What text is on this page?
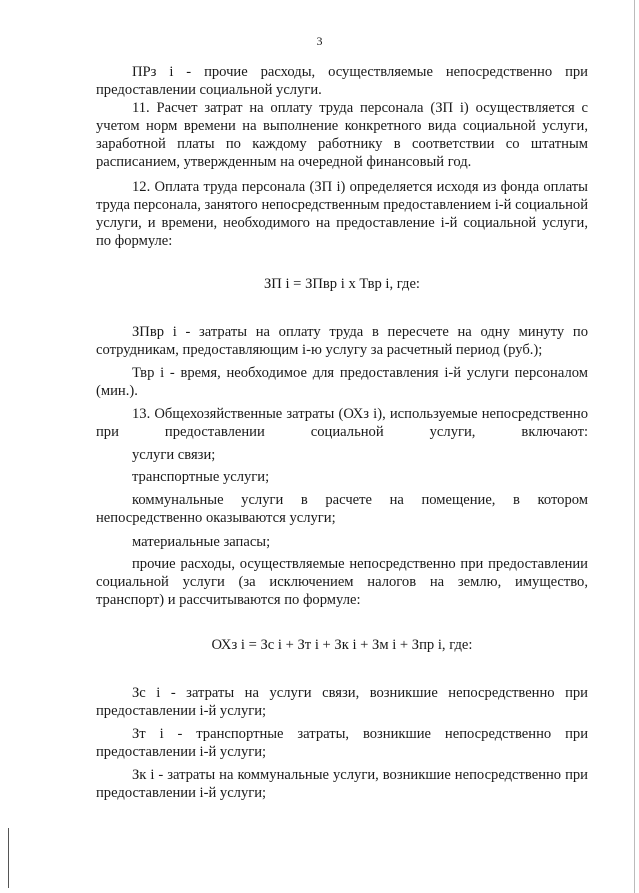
3

ПРз i - прочие расходы, осуществляемые непосредственно при предоставлении социальной услуги.

11. Расчет затрат на оплату труда персонала (ЗП i) осуществляется с учетом норм времени на выполнение конкретного вида социальной услуги, заработной платы по каждому работнику в соответствии со штатным расписанием, утвержденным на очередной финансовый год.

12. Оплата труда персонала (ЗП i) определяется исходя из фонда оплаты труда персонала, занятого непосредственным предоставлением i-й социальной услуги, и времени, необходимого на предоставление i-й социальной услуги, по формуле:

ЗП i = ЗПвр i x Твр i, где:

ЗПвр i - затраты на оплату труда в пересчете на одну минуту по сотрудникам, предоставляющим i-ю услугу за расчетный период (руб.);

Твр i - время, необходимое для предоставления i-й услуги персоналом (мин.).

13. Общехозяйственные затраты (ОХз i), используемые непосредственно при предоставлении социальной услуги, включают:

услуги связи;

транспортные услуги;

коммунальные услуги в расчете на помещение, в котором непосредственно оказываются услуги;

материальные запасы;

прочие расходы, осуществляемые непосредственно при предоставлении социальной услуги (за исключением налогов на землю, имущество, транспорт) и рассчитываются по формуле:

ОХз i = Зс i + Зт i + Зк i + Зм i + Зпр i, где:

Зс i - затраты на услуги связи, возникшие непосредственно при предоставлении i-й услуги;

Зт i - транспортные затраты, возникшие непосредственно при предоставлении i-й услуги;

Зк i - затраты на коммунальные услуги, возникшие непосредственно при предоставлении i-й услуги;
